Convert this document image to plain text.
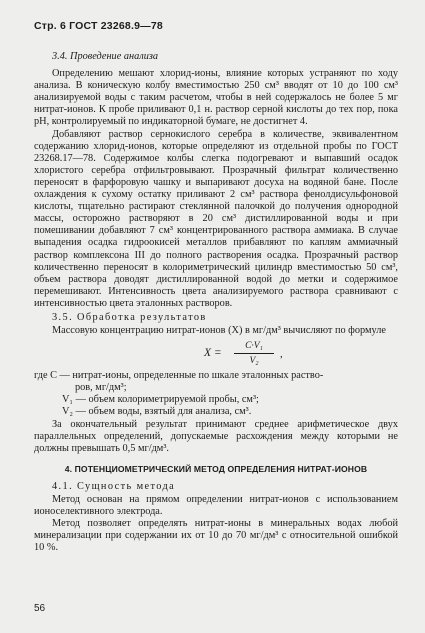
Стр. 6 ГОСТ 23268.9—78
3.4. Проведение анализа

Определению мешают хлорид-ионы, влияние которых устраняют по ходу анализа. В коническую колбу вместимостью 250 см³ вводят от 10 до 100 см³ анализируемой воды с таким расчетом, чтобы в ней содержалось не более 5 мг нитрат-ионов. К пробе приливают 0,1 н. раствор серной кислоты до тех пор, пока pH, контролируемый по индикаторной бумаге, не достигнет 4.

Добавляют раствор сернокислого серебра в количестве, эквивалентном содержанию хлорид-ионов, которые определяют из отдельной пробы по ГОСТ 23268.17—78. Содержимое колбы слегка подогревают и выпавший осадок хлористого серебра отфильтровывают. Прозрачный фильтрат количественно переносят в фарфоровую чашку и выпаривают досуха на водяной бане. После охлаждения к сухому остатку приливают 2 см³ раствора фенолдисульфоновой кислоты, тщательно растирают стеклянной палочкой до получения однородной массы, осторожно растворяют в 20 см³ дистиллированной воды и при помешивании добавляют 7 см³ концентрированного раствора аммиака. В случае выпадения осадка гидроокисей металлов прибавляют по каплям аммиачный раствор комплексона III до полного растворения осадка. Прозрачный раствор количественно переносят в колориметрический цилиндр вместимостью 50 см³, объем раствора доводят дистиллированной водой до метки и содержимое перемешивают. Интенсивность цвета анализируемого раствора сравнивают с интенсивностью цвета эталонных растворов.

3.5. Обработка результатов

Массовую концентрацию нитрат-ионов (X) в мг/дм³ вычисляют по формуле

X =
C·V₁
V₂
,

где C — нитрат-ионы, определенные по шкале эталонных раство-

ров, мг/дм³;

V₁ — объем колориметрируемой пробы, см³;

V₂ — объем воды, взятый для анализа, см³.

За окончательный результат принимают среднее арифметическое двух параллельных определений, допускаемые расхождения между которыми не должны превышать 0,5 мг/дм³.

4. ПОТЕНЦИОМЕТРИЧЕСКИЙ МЕТОД ОПРЕДЕЛЕНИЯ НИТРАТ-ИОНОВ
4.1. Сущность метода

Метод основан на прямом определении нитрат-ионов с использованием ионоселективного электрода.

Метод позволяет определять нитрат-ионы в минеральных водах любой минерализации при содержании их от 10 до 70 мг/дм³ с относительной ошибкой 10 %.

56
